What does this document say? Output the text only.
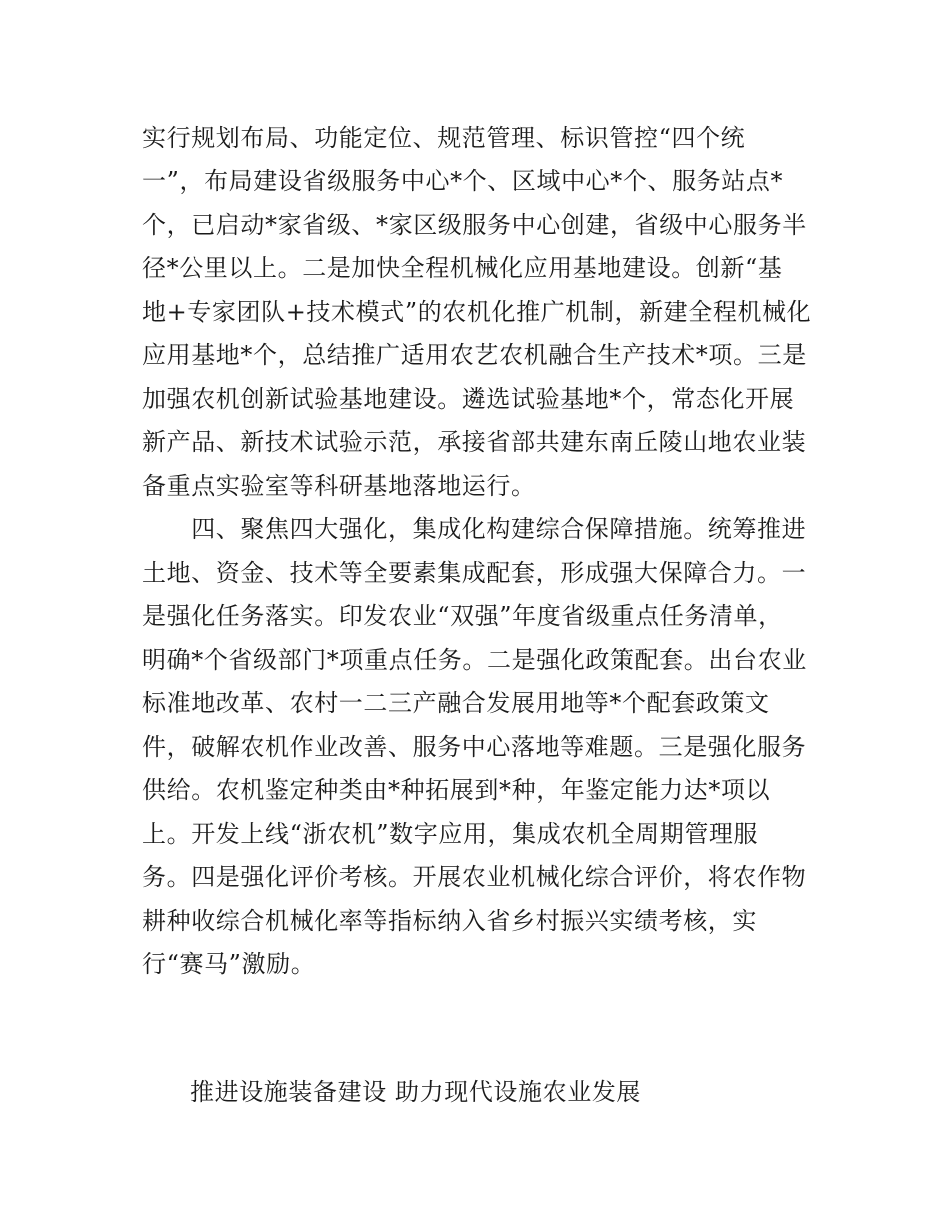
实行规划布局、功能定位、规范管理、标识管控“四个统
一”，布局建设省级服务中心*个、区域中心*个、服务站点*
个，已启动*家省级、*家区级服务中心创建，省级中心服务半
径*公里以上。二是加快全程机械化应用基地建设。创新“基
地+专家团队+技术模式”的农机化推广机制，新建全程机械化
应用基地*个，总结推广适用农艺农机融合生产技术*项。三是
加强农机创新试验基地建设。遴选试验基地*个，常态化开展
新产品、新技术试验示范，承接省部共建东南丘陵山地农业装
备重点实验室等科研基地落地运行。
　　四、聚焦四大强化，集成化构建综合保障措施。统筹推进
土地、资金、技术等全要素集成配套，形成强大保障合力。一
是强化任务落实。印发农业“双强”年度省级重点任务清单，
明确*个省级部门*项重点任务。二是强化政策配套。出台农业
标准地改革、农村一二三产融合发展用地等*个配套政策文
件，破解农机作业改善、服务中心落地等难题。三是强化服务
供给。农机鉴定种类由*种拓展到*种，年鉴定能力达*项以
上。开发上线“浙农机”数字应用，集成农机全周期管理服
务。四是强化评价考核。开展农业机械化综合评价，将农作物
耕种收综合机械化率等指标纳入省乡村振兴实绩考核，实
行“赛马”激励。
推进设施装备建设 助力现代设施农业发展
